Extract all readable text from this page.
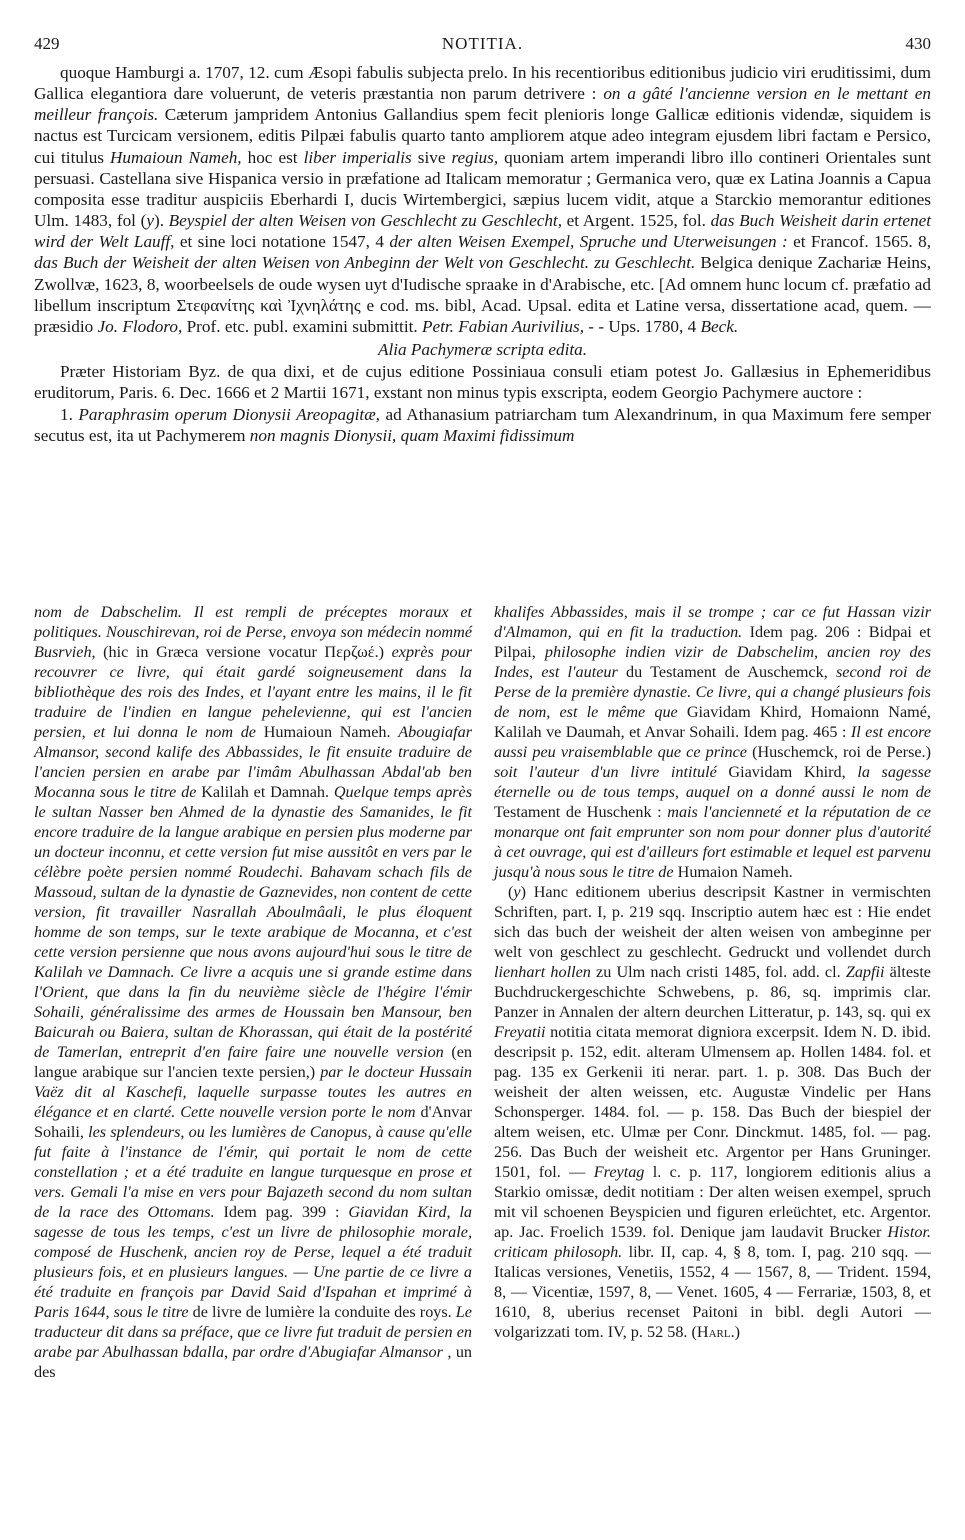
429	NOTITIA.	430

quoque Hamburgi a. 1707, 12. cum Æsopi fabulis subjecta prelo. In his recentioribus editionibus judicio viri eruditissimi, dum Gallica elegantiora dare voluerunt, de veteris præstantia non parum detrivere : on a gâté l'ancienne version en le mettant en meilleur françois. Cæterum jampridem Antonius Gallandius spem fecit plenioris longe Gallicæ editionis videndæ, siquidem is nactus est Turcicam versionem, editis Pilpæi fabulis quarto tanto ampliorem atque adeo integram ejusdem libri factam e Persico, cui titulus Humaioun Nameh, hoc est liber imperialis sive regius, quoniam artem imperandi libro illo contineri Orientales sunt persuasi. Castellana sive Hispanica versio in præfatione ad Italicam memoratur ; Germanica vero, quæ ex Latina Joannis a Capua composita esse traditur auspiciis Eberhardi I, ducis Wirtembergici, sæpius lucem vidit, atque a Starckio memorantur editiones Ulm. 1483, fol (y). Beyspiel der alten Weisen von Geschlecht zu Geschlecht, et Argent. 1525, fol. das Buch Weisheit darin ertenet wird der Welt Lauff, et sine loci notatione 1547, 4 der alten Weisen Exempel, Spruche und Uterweisungen : et Francof. 1565. 8, das Buch der Weisheit der alten Weisen von Anbeginn der Welt von Geschlecht. zu Geschlecht. Belgica denique Zachariæ Heins, Zwollvæ, 1623, 8, woorbeelsels de oude wysen uyt d'Iudische spraake in d'Arabische, etc. [Ad omnem hunc locum cf. præfatio ad libellum inscriptum Στεφανίτης καὶ Ἰχνηλάτης e cod. ms. bibl, Acad. Upsal. edita et Latine versa, dissertatione acad, quem. — præsidio Jo. Flodoro, Prof. etc. publ. examini submittit. Petr. Fabian Aurivilius, - - Ups. 1780, 4 Beck.

Alia Pachymeræ scripta edita.

Præter Historiam Byz. de qua dixi, et de cujus editione Possiniaua consuli etiam potest Jo. Gallæsius in Ephemeridibus eruditorum, Paris. 6. Dec. 1666 et 2 Martii 1671, exstant non minus typis exscripta, eodem Georgio Pachymere auctore :

1. Paraphrasim operum Dionysii Areopagitæ, ad Athanasium patriarcham tum Alexandrinum, in qua Maximum fere semper secutus est, ita ut Pachymerem non magnis Dionysii, quam Maximi fidissimum

nom de Dabschelim. Il est rempli de préceptes moraux et politiques. Nouschirevan, roi de Perse, envoya son médecin nommé Busrvieh, (hic in Græca versione vocatur Περζωέ.) exprès pour recouvrer ce livre, qui était gardé soigneusement dans la bibliothèque des rois des Indes, et l'ayant entre les mains, il le fit traduire de l'indien en langue pehelevienne, qui est l'ancien persien, et lui donna le nom de Humaioun Nameh. Abougiafar Almansor, second kalife des Abbassides, le fit ensuite traduire de l'ancien persien en arabe par l'imâm Abulhassan Abdal'ab ben Mocanna sous le titre de Kalilah et Damnah. Quelque temps après le sultan Nasser ben Ahmed de la dynastie des Samanides, le fit encore traduire de la langue arabique en persien plus moderne par un docteur inconnu, et cette version fut mise aussitôt en vers par le célèbre poète persien nommé Roudechi. Bahavam schach fils de Massoud, sultan de la dynastie de Gaznevides, non content de cette version, fit travailler Nasrallah Aboulmâali, le plus éloquent homme de son temps, sur le texte arabique de Mocanna, et c'est cette version persienne que nous avons aujourd'hui sous le titre de Kalilah ve Damnach. Ce livre a acquis une si grande estime dans l'Orient, que dans la fin du neuvième siècle de l'hégire l'émir Sohaili, généralissime des armes de Houssain ben Mansour, ben Baicurah ou Baiera, sultan de Khorassan, qui était de la postérité de Tamerlan, entreprit d'en faire faire une nouvelle version (en langue arabique sur l'ancien texte persien,) par le docteur Hussain Vaëz dit al Kaschefi, laquelle surpasse toutes les autres en élégance et en clarté. Cette nouvelle version porte le nom d'Anvar Sohaili, les splendeurs, ou les lumières de Canopus, à cause qu'elle fut faite à l'instance de l'émir, qui portait le nom de cette constellation ; et a été traduite en langue turquesque en prose et vers. Gemali l'a mise en vers pour Bajazeth second du nom sultan de la race des Ottomans. Idem pag. 399 : Giavidan Kird, la sagesse de tous les temps, c'est un livre de philosophie morale, composé de Huschenk, ancien roy de Perse, lequel a été traduit plusieurs fois, et en plusieurs langues. — Une partie de ce livre a été traduite en françois par David Said d'Ispahan et imprimé à Paris 1644, sous le titre de livre de lumière la conduite des roys. Le traducteur dit dans sa préface, que ce livre fut traduit de persien en arabe par Abulhassan bdalla, par ordre d'Abugiafar Almansor , un des

khalifes Abbassides, mais il se trompe ; car ce fut Hassan vizir d'Almamon, qui en fit la traduction. Idem pag. 206 : Bidpai et Pilpai, philosophe indien vizir de Dabschelim, ancien roy des Indes, est l'auteur du Testament de Auschemck, second roi de Perse de la première dynastie. Ce livre, qui a changé plusieurs fois de nom, est le même que Giavidam Khird, Homaionn Namé, Kalilah ve Daumah, et Anvar Sohaili. Idem pag. 465 : Il est encore aussi peu vraisemblable que ce prince (Huschemck, roi de Perse.) soit l'auteur d'un livre intitulé Giavidam Khird, la sagesse éternelle ou de tous temps, auquel on a donné aussi le nom de Testament de Huschenk : mais l'ancienneté et la réputation de ce monarque ont fait emprunter son nom pour donner plus d'autorité à cet ouvrage, qui est d'ailleurs fort estimable et lequel est parvenu jusqu'à nous sous le titre de Humaion Nameh.

(y) Hanc editionem uberius descripsit Kastner in vermischten Schriften, part. I, p. 219 sqq. Inscriptio autem hæc est : Hie endet sich das buch der weisheit der alten weisen von ambeginne per welt von geschlect zu geschlecht. Gedruckt und vollendet durch lienhart hollen zu Ulm nach cristi 1485, fol. add. cl. Zapfii älteste Buchdruckergeschichte Schwebens, p. 86, sq. imprimis clar. Panzer in Annalen der altern deurchen Litteratur, p. 143, sq. qui ex Freyatii notitia citata memorat digniora excerpsit. Idem N. D. ibid. descripsit p. 152, edit. alteram Ulmensem ap. Hollen 1484. fol. et pag. 135 ex Gerkenii iti nerar. part. 1. p. 308. Das Buch der weisheit der alten weissen, etc. Augustæ Vindelic per Hans Schonsperger. 1484. fol. — p. 158. Das Buch der biespiel der altem weisen, etc. Ulmæ per Conr. Dinckmut. 1485, fol. — pag. 256. Das Buch der weisheit etc. Argentor per Hans Gruninger. 1501, fol. — Freytag l. c. p. 117, longiorem editionis alius a Starkio omissæ, dedit notitiam : Der alten weisen exempel, spruch mit vil schoenen Beyspicien und figuren erleüchtet, etc. Argentor. ap. Jac. Froelich 1539. fol. Denique jam laudavit Brucker Histor. criticam philosoph. libr. II, cap. 4, § 8, tom. I, pag. 210 sqq. — Italicas versiones, Venetiis, 1552, 4 — 1567, 8, — Trident. 1594, 8, — Vicentiæ, 1597, 8, — Venet. 1605, 4 — Ferrariæ, 1503, 8, et 1610, 8, uberius recenset Paitoni in bibl. degli Autori — volgarizzati tom. IV, p. 52 58. (Harl.)
